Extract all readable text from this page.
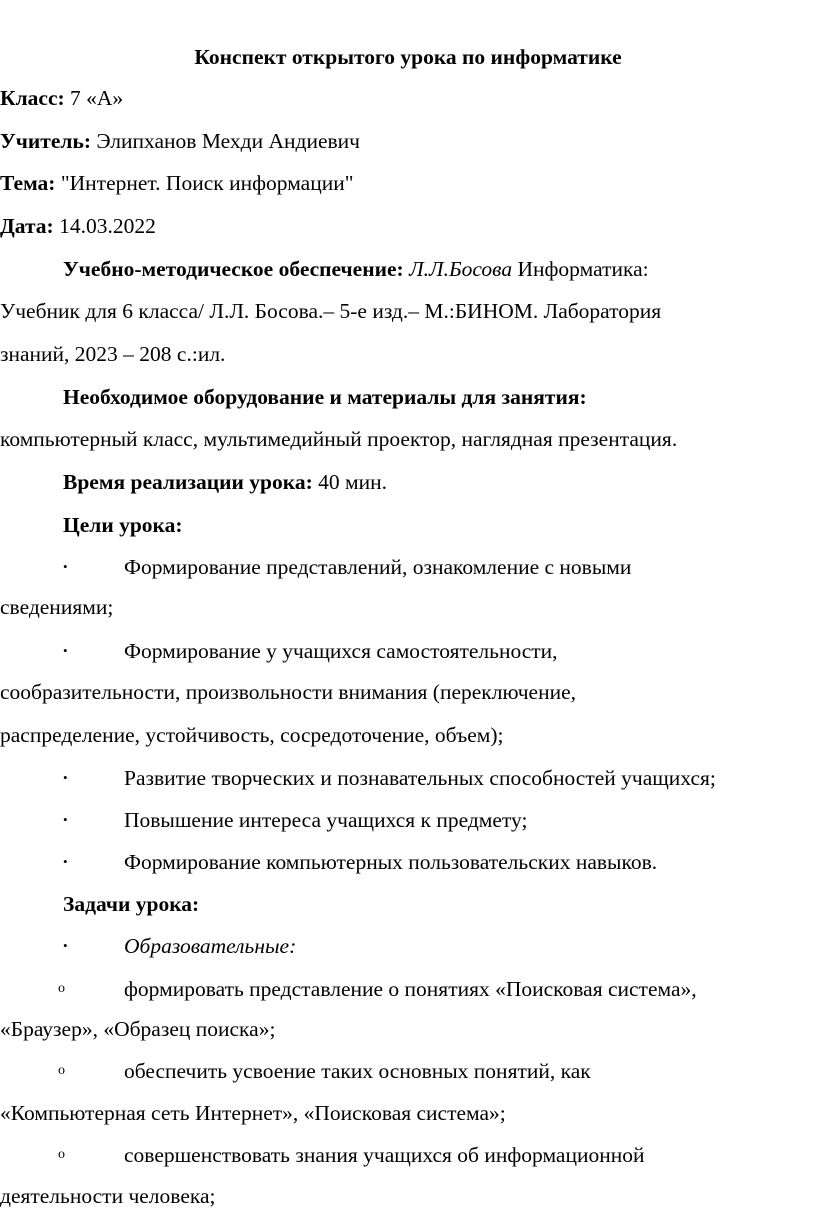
Конспект открытого урока по информатике
Класс: 7 «А»
Учитель: Элипханов Мехди Андиевич
Тема: "Интернет. Поиск информации"
Дата: 14.03.2022
Учебно-методическое обеспечение: Л.Л.Босова Информатика:
Учебник для 6 класса/ Л.Л. Босова.– 5-е изд.– М.:БИНОМ. Лаборатория
знаний, 2023 – 208 с.:ил.
Необходимое оборудование и материалы для занятия:
компьютерный класс, мультимедийный проектор, наглядная презентация.
Время реализации урока: 40 мин.
Цели урока:
•	Формирование представлений, ознакомление с новыми
сведениями;
•	Формирование у учащихся самостоятельности,
сообразительности, произвольности внимания (переключение,
распределение, устойчивость, сосредоточение, объем);
•	Развитие творческих и познавательных способностей учащихся;
•	Повышение интереса учащихся к предмету;
•	Формирование компьютерных пользовательских навыков.
Задачи урока:
•	Образовательные:
o	формировать представление о понятиях «Поисковая система»,
«Браузер», «Образец поиска»;
o	обеспечить усвоение таких основных понятий, как
«Компьютерная сеть Интернет», «Поисковая система»;
o	совершенствовать знания учащихся об информационной
деятельности человека;
